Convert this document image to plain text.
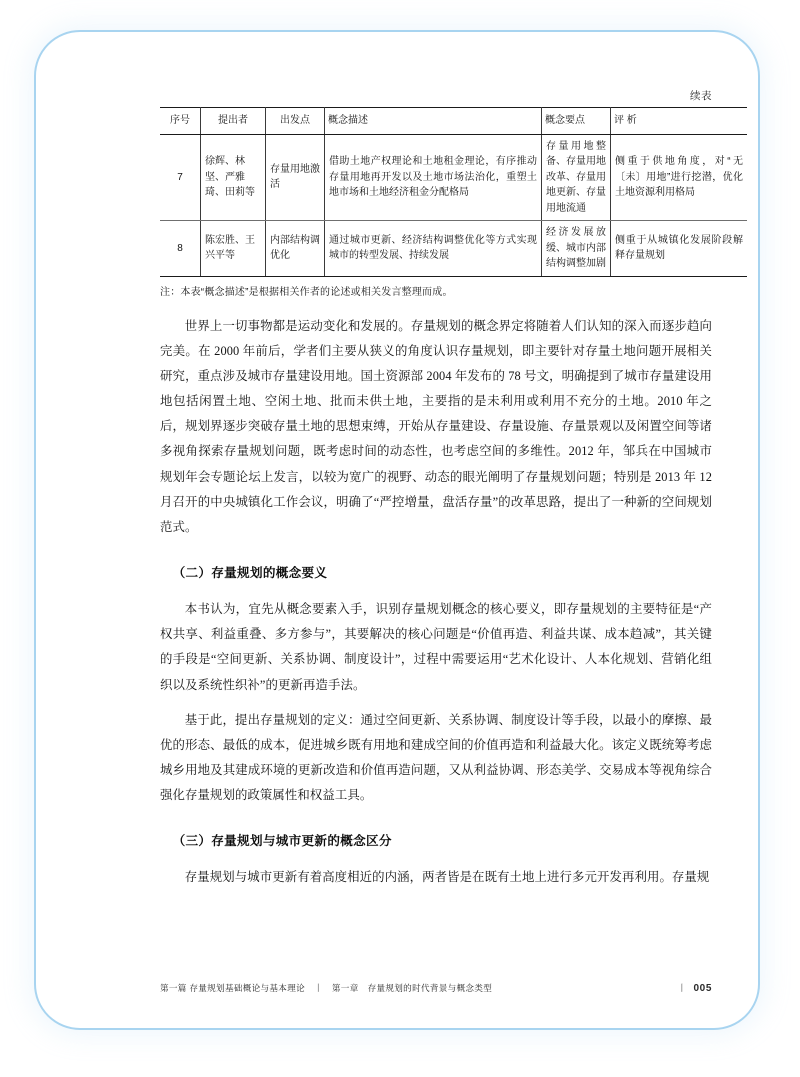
续表
序号	提出者	出发点	概念描述	概念要点	评 析
7	徐辉、林坚、严雅琦、田莉等	存量用地激活	借助土地产权理论和土地租金理论，有序推动存量用地再开发以及土地市场法治化，重塑土地市场和土地经济租金分配格局	存量用地整备、存量用地改革、存量用地更新、存量用地流通	侧重于供地角度，对“无〔未〕用地”进行挖潜，优化土地资源利用格局
8	陈宏胜、王兴平等	内部结构调优化	通过城市更新、经济结构调整优化等方式实现城市的转型发展、持续发展	经济发展放缓、城市内部结构调整加剧	侧重于从城镇化发展阶段解释存量规划
注：本表“概念描述”是根据相关作者的论述或相关发言整理而成。

世界上一切事物都是运动变化和发展的。存量规划的概念界定将随着人们认知的深入而逐步趋向完美。在 2000 年前后，学者们主要从狭义的角度认识存量规划，即主要针对存量土地问题开展相关研究，重点涉及城市存量建设用地。国土资源部 2004 年发布的 78 号文，明确提到了城市存量建设用地包括闲置土地、空闲土地、批而未供土地，主要指的是未利用或利用不充分的土地。2010 年之后，规划界逐步突破存量土地的思想束缚，开始从存量建设、存量设施、存量景观以及闲置空间等诸多视角探索存量规划问题，既考虑时间的动态性，也考虑空间的多维性。2012 年，邹兵在中国城市规划年会专题论坛上发言，以较为宽广的视野、动态的眼光阐明了存量规划问题；特别是 2013 年 12 月召开的中央城镇化工作会议，明确了“严控增量，盘活存量”的改革思路，提出了一种新的空间规划范式。

（二）存量规划的概念要义

本书认为，宜先从概念要素入手，识别存量规划概念的核心要义，即存量规划的主要特征是“产权共享、利益重叠、多方参与”，其要解决的核心问题是“价值再造、利益共谋、成本趋减”，其关键的手段是“空间更新、关系协调、制度设计”，过程中需要运用“艺术化设计、人本化规划、营销化组织以及系统性织补”的更新再造手法。

基于此，提出存量规划的定义：通过空间更新、关系协调、制度设计等手段，以最小的摩擦、最优的形态、最低的成本，促进城乡既有用地和建成空间的价值再造和利益最大化。该定义既统筹考虑城乡用地及其建成环境的更新改造和价值再造问题，又从利益协调、形态美学、交易成本等视角综合强化存量规划的政策属性和权益工具。

（三）存量规划与城市更新的概念区分

存量规划与城市更新有着高度相近的内涵，两者皆是在既有土地上进行多元开发再利用。存量规

第一篇 存量规划基础概论与基本理论 丨 第一章 存量规划的时代背景与概念类型	丨 005
